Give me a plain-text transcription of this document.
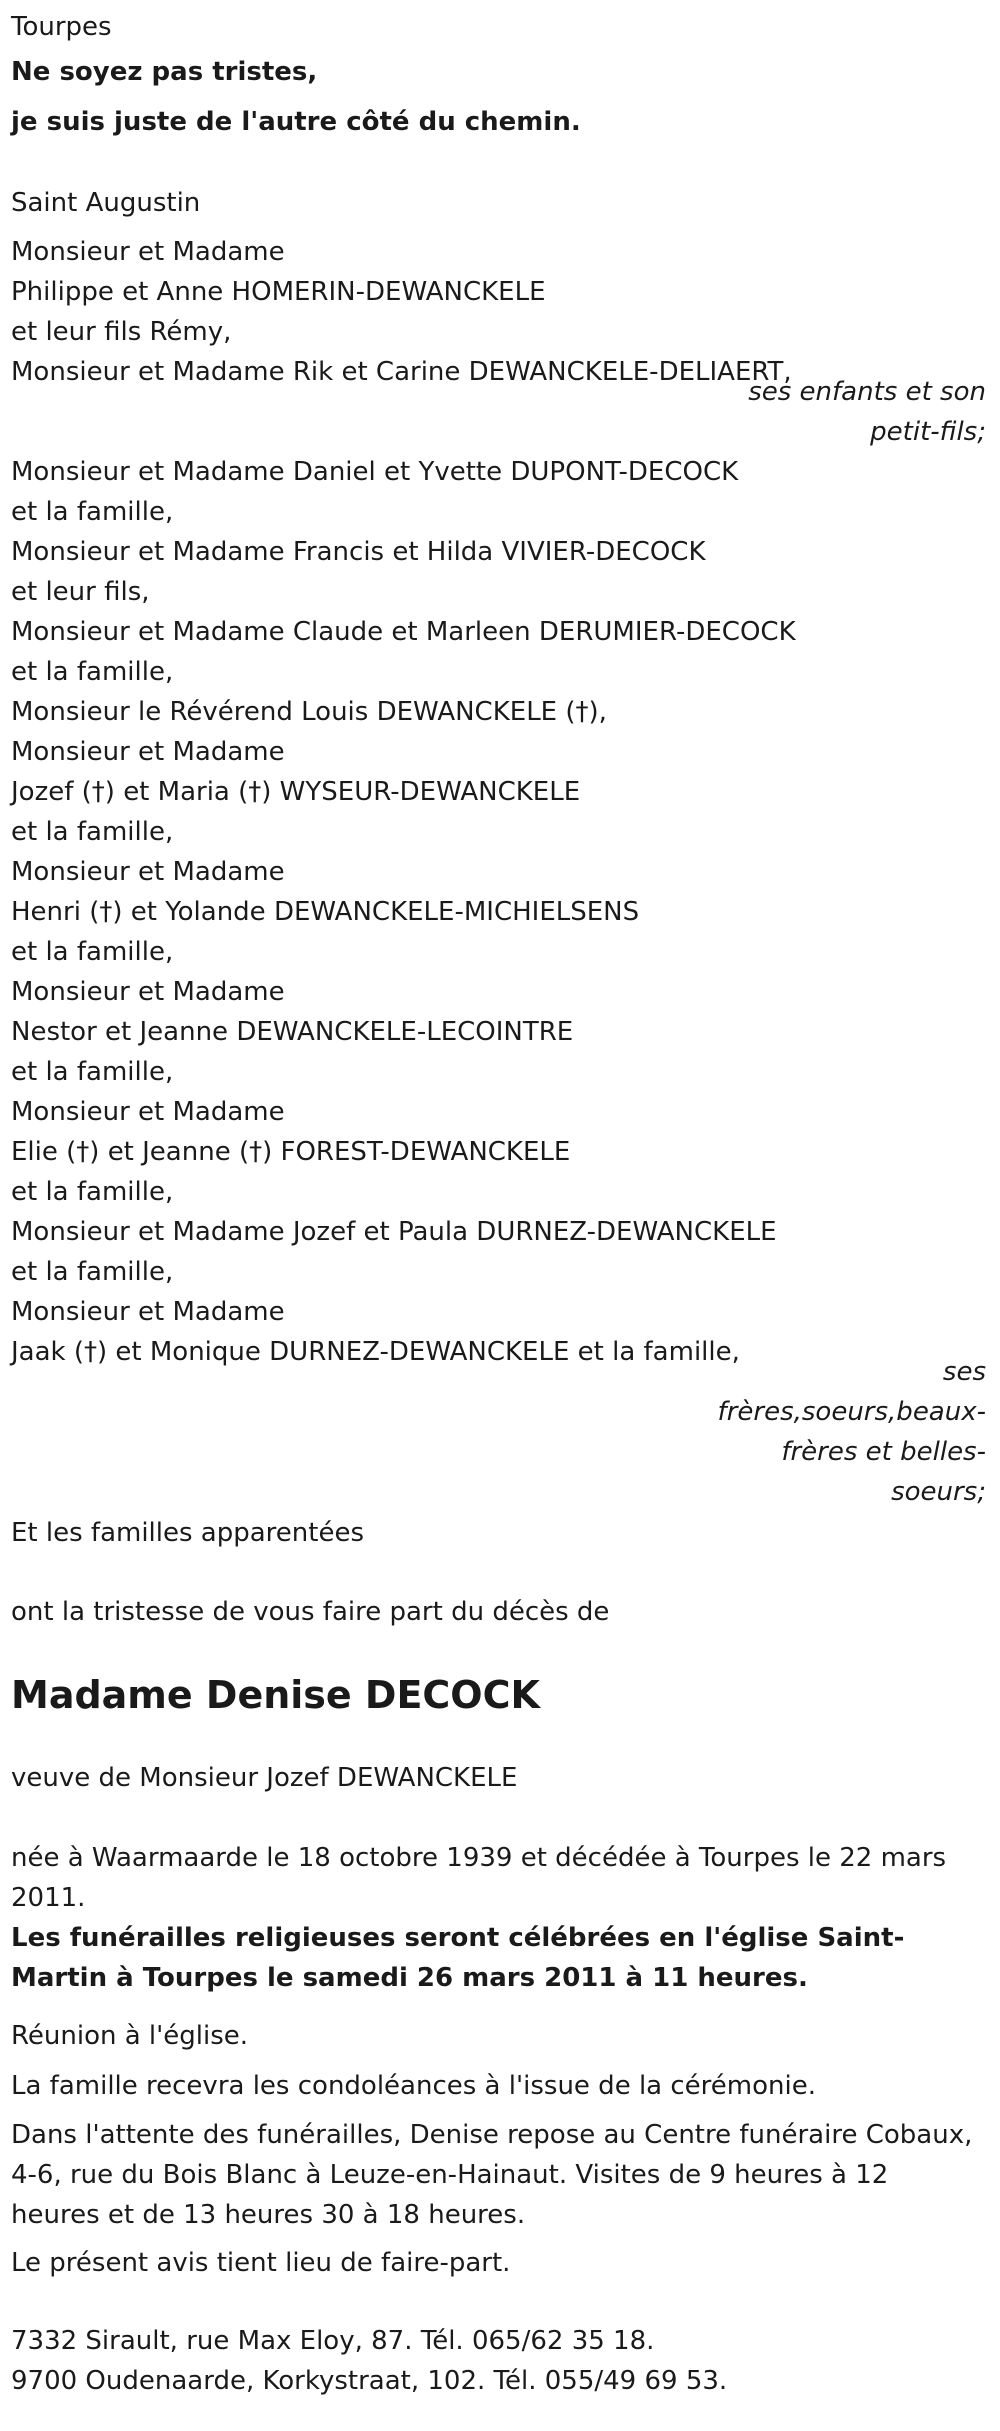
Tourpes
Ne soyez pas tristes,
je suis juste de l'autre côté du chemin.
Saint Augustin
Monsieur et Madame
Philippe et Anne HOMERIN-DEWANCKELE
et leur fils Rémy,
Monsieur et Madame Rik et Carine DEWANCKELE-DELIAERT,
ses enfants et son
petit-fils;
Monsieur et Madame Daniel et Yvette DUPONT-DECOCK
et la famille,
Monsieur et Madame Francis et Hilda VIVIER-DECOCK
et leur fils,
Monsieur et Madame Claude et Marleen DERUMIER-DECOCK
et la famille,
Monsieur le Révérend Louis DEWANCKELE (†),
Monsieur et Madame
Jozef (†) et Maria (†) WYSEUR-DEWANCKELE
et la famille,
Monsieur et Madame
Henri (†) et Yolande DEWANCKELE-MICHIELSENS
et la famille,
Monsieur et Madame
Nestor et Jeanne DEWANCKELE-LECOINTRE
et la famille,
Monsieur et Madame
Elie (†) et Jeanne (†) FOREST-DEWANCKELE
et la famille,
Monsieur et Madame Jozef et Paula DURNEZ-DEWANCKELE
et la famille,
Monsieur et Madame
Jaak (†) et Monique DURNEZ-DEWANCKELE et la famille,
ses
frères,soeurs,beaux-
frères et belles-
soeurs;
Et les familles apparentées
ont la tristesse de vous faire part du décès de
Madame Denise DECOCK
veuve de Monsieur Jozef DEWANCKELE
née à Waarmaarde le 18 octobre 1939 et décédée à Tourpes le 22 mars 2011.
Les funérailles religieuses seront célébrées en l'église Saint-Martin à Tourpes le samedi 26 mars 2011 à 11 heures.
Réunion à l'église.
La famille recevra les condoléances à l'issue de la cérémonie.
Dans l'attente des funérailles, Denise repose au Centre funéraire Cobaux, 4-6, rue du Bois Blanc à Leuze-en-Hainaut. Visites de 9 heures à 12 heures et de 13 heures 30 à 18 heures.
Le présent avis tient lieu de faire-part.
7332 Sirault, rue Max Eloy, 87. Tél. 065/62 35 18.
9700 Oudenaarde, Korkystraat, 102. Tél. 055/49 69 53.
